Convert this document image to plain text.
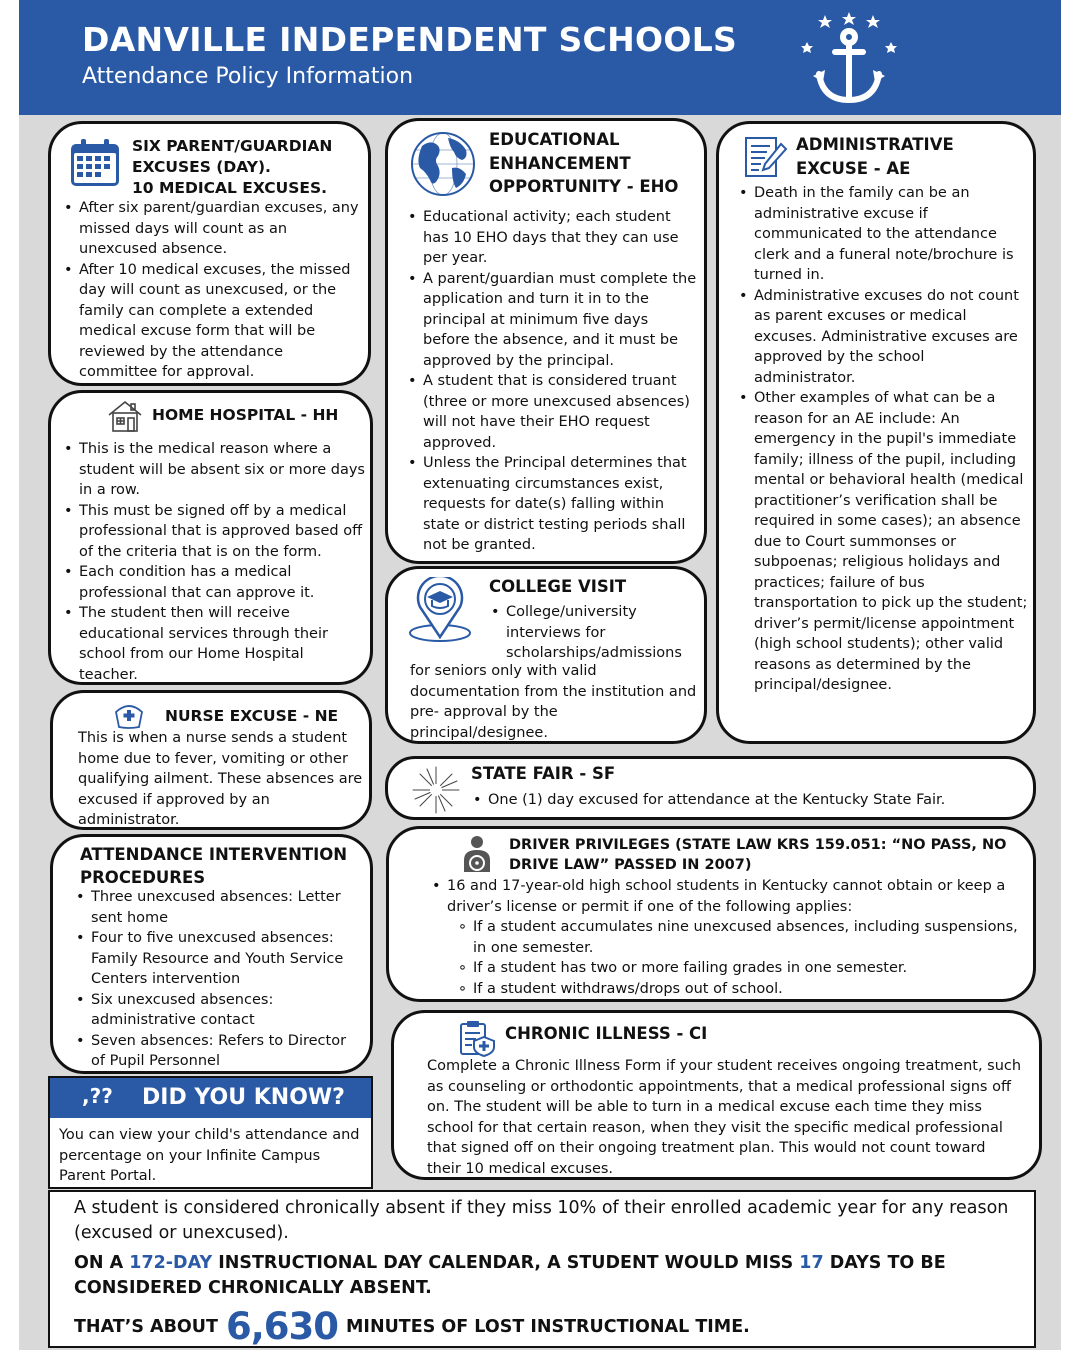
DANVILLE INDEPENDENT SCHOOLS
Attendance Policy Information
SIX PARENT/GUARDIAN
EXCUSES (DAY).
10 MEDICAL EXCUSES.
• After six parent/guardian excuses, any missed days will count as an unexcused absence.
• After 10 medical excuses, the missed day will count as unexcused, or the family can complete a extended medical excuse form that will be reviewed by the attendance committee for approval.
HOME HOSPITAL - HH
• This is the medical reason where a student will be absent six or more days in a row.
• This must be signed off by a medical professional that is approved based off of the criteria that is on the form.
• Each condition has a medical professional that can approve it.
• The student then will receive educational services through their school from our Home Hospital teacher.
NURSE EXCUSE - NE

This is when a nurse sends a student home due to fever, vomiting or other qualifying ailment. These absences are excused if approved by an administrator.

ATTENDANCE INTERVENTION
PROCEDURES
• Three unexcused absences: Letter sent home
• Four to five unexcused absences: Family Resource and Youth Service Centers intervention
• Six unexcused absences: administrative contact
• Seven absences: Refers to Director of Pupil Personnel
,?? DID YOU KNOW?

You can view your child's attendance and percentage on your Infinite Campus Parent Portal.

EDUCATIONAL
ENHANCEMENT
OPPORTUNITY - EHO
• Educational activity; each student has 10 EHO days that they can use per year.
• A parent/guardian must complete the application and turn it in to the principal at minimum five days before the absence, and it must be approved by the principal.
• A student that is considered truant (three or more unexcused absences) will not have their EHO request approved.
• Unless the Principal determines that extenuating circumstances exist, requests for date(s) falling within state or district testing periods shall not be granted.
COLLEGE VISIT
• College/university interviews for scholarships/admissions

for seniors only with valid documentation from the institution and pre- approval by the principal/designee.

ADMINISTRATIVE
EXCUSE - AE
• Death in the family can be an administrative excuse if communicated to the attendance clerk and a funeral note/brochure is turned in.
• Administrative excuses do not count as parent excuses or medical excuses. Administrative excuses are approved by the school administrator.
• Other examples of what can be a reason for an AE include: An emergency in the pupil's immediate family; illness of the pupil, including mental or behavioral health (medical practitioner’s verification shall be required in some cases); an absence due to Court summonses or subpoenas; religious holidays and practices; failure of bus transportation to pick up the student; driver’s permit/license appointment (high school students); other valid reasons as determined by the principal/designee.
STATE FAIR - SF
• One (1) day excused for attendance at the Kentucky State Fair.
DRIVER PRIVILEGES (STATE LAW KRS 159.051: “NO PASS, NO
DRIVE LAW” PASSED IN 2007)
• 16 and 17-year-old high school students in Kentucky cannot obtain or keep a driver’s license or permit if one of the following applies:
∘ If a student accumulates nine unexcused absences, including suspensions, in one semester.
∘ If a student has two or more failing grades in one semester.
∘ If a student withdraws/drops out of school.
CHRONIC ILLNESS - CI

Complete a Chronic Illness Form if your student receives ongoing treatment, such as counseling or orthodontic appointments, that a medical professional signs off on. The student will be able to turn in a medical excuse each time they miss school for that certain reason, when they visit the specific medical professional that signed off on their ongoing treatment plan. This would not count toward their 10 medical excuses.

A student is considered chronically absent if they miss 10% of their enrolled academic year for any reason (excused or unexcused).
ON A 172-DAY INSTRUCTIONAL DAY CALENDAR, A STUDENT WOULD MISS 17 DAYS TO BE CONSIDERED CHRONICALLY ABSENT.
THAT’S ABOUT 6,630 MINUTES OF LOST INSTRUCTIONAL TIME.
